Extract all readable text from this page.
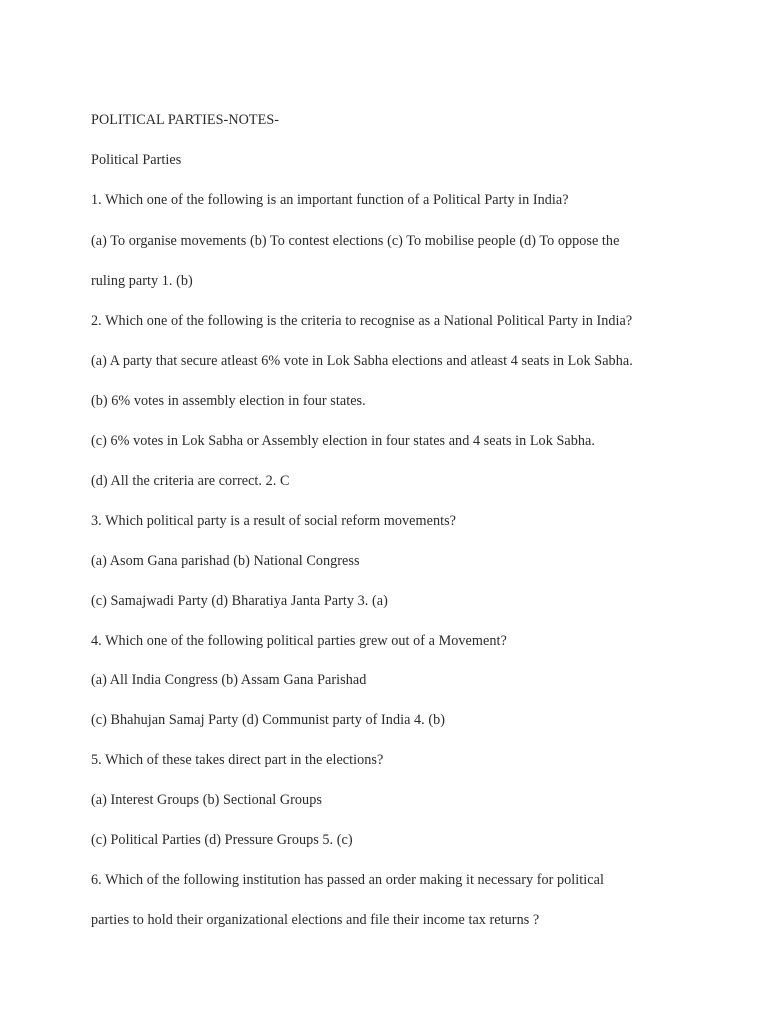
POLITICAL PARTIES-NOTES-
Political Parties
1. Which one of the following is an important function of a Political Party in India?
(a) To organise movements (b) To contest elections (c) To mobilise people (d) To oppose the
ruling party 1. (b)
2. Which one of the following is the criteria to recognise as a National Political Party in India?
(a) A party that secure atleast 6% vote in Lok Sabha elections and atleast 4 seats in Lok Sabha.
(b) 6% votes in assembly election in four states.
(c) 6% votes in Lok Sabha or Assembly election in four states and 4 seats in Lok Sabha.
(d) All the criteria are correct. 2. C
3. Which political party is a result of social reform movements?
(a) Asom Gana parishad (b) National Congress
(c) Samajwadi Party (d) Bharatiya Janta Party 3. (a)
4. Which one of the following political parties grew out of a Movement?
(a) All India Congress (b) Assam Gana Parishad
(c) Bhahujan Samaj Party (d) Communist party of India 4. (b)
5. Which of these takes direct part in the elections?
(a) Interest Groups (b) Sectional Groups
(c) Political Parties (d) Pressure Groups 5. (c)
6. Which of the following institution has passed an order making it necessary for political
parties to hold their organizational elections and file their income tax returns ?
